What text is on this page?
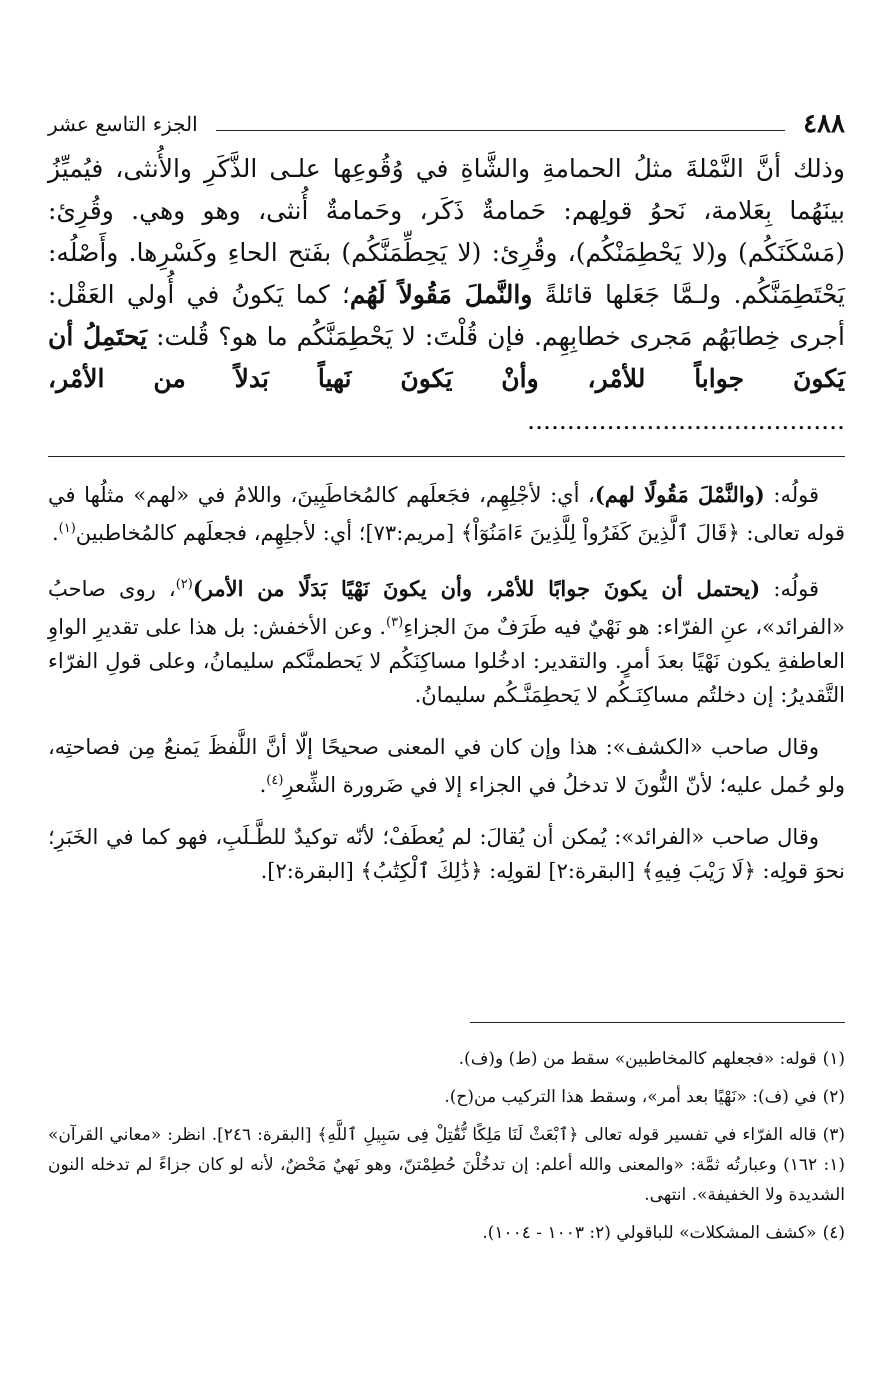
٤٨٨
الجزء التاسع عشر
وذلك أنَّ النَّمْلةَ مثلُ الحمامةِ والشَّاةِ في وُقُوعِها علـى الذَّكَرِ والأُنثى، فيُميِّزُ بينَهُما بِعَلامة، نَحوُ قولِهم: حَمامةٌ ذَكَر، وحَمامةٌ أُنثى، وهو وهي. وقُرِئ: (مَسْكَنَكُم) و(لا يَحْطِمَنْكُم)، وقُرِئ: (لا يَحِطِّمَنَّكُم) بفَتح الحاءِ وكَسْرِها. وأَصْلُه: يَحْتَطِمَنَّكُم. ولـمَّا جَعَلها قائلةً والنَّملَ مَقُولاً لَهُم؛ كما يَكونُ في أُولي العَقْل: أجرى خِطابَهُم مَجرى خطابِهِم. فإن قُلْتَ: لا يَحْطِمَنَّكُم ما هو؟ قُلت: يَحتَمِلُ أن يَكونَ جواباً للأمْر، وأنْ يَكونَ نَهياً بَدلاً من الأمْر، ........................................

قولُه: (والنَّمْلَ مَقُولًا لهم)، أي: لأجْلِهِم، فجَعلَهم كالمُخاطَبِينَ، واللامُ في «لهم» مثلُها في قوله تعالى: ﴿قَالَ ٱلَّذِينَ كَفَرُواْ لِلَّذِينَ ءَامَنُوٓاْ﴾ [مريم:٧٣]؛ أي: لأجلِهِم، فجعلَهم كالمُخاطبين$^{(١)}$.

قولُه: (يحتمل أن يكونَ جوابًا للأمْر، وأن يكونَ نَهْيًا بَدَلًا من الأمر)$^{(٢)}$، روى صاحبُ «الفرائد»، عنِ الفرّاء: هو نَهْيٌ فيه طَرَفٌ منَ الجزاءِ$^{(٣)}$. وعن الأخفش: بل هذا على تقديرِ الواوِ العاطفةِ يكون نَهْيًا بعدَ أمرٍ. والتقدير: ادخُلوا مساكِنَكُم لا يَحطمنَّكم سليمانُ، وعلى قولِ الفرّاء التَّقديرُ: إن دخلتُم مساكِنَـكُم لا يَحطِمَنَّـكُم سليمانُ.

وقال صاحب «الكشف»: هذا وإن كان في المعنى صحيحًا إلّا أنَّ اللَّفظَ يَمنعُ مِن فصاحتِه، ولو حُمل عليه؛ لأنّ النُّونَ لا تدخلُ في الجزاء إلا في ضَرورة الشِّعرِ$^{(٤)}$.

وقال صاحب «الفرائد»: يُمكن أن يُقالَ: لم يُعطَفْ؛ لأنّه توكيدٌ للطَّـلَبِ، فهو كما في الخَبَرِ؛ نحوَ قولِه: ﴿لَا رَيْبَ فِيهِ﴾ [البقرة:٢] لقولِه: ﴿ذَٰلِكَ ٱلْكِتَٰبُ﴾ [البقرة:٢].

(١)قوله: «فجعلهم كالمخاطبين» سقط من (ط) و(ف).
(٢)في (ف): «نَهْيًا بعد أمر»، وسقط هذا التركيب من(ح).
(٣)قاله الفرّاء في تفسير قوله تعالى ﴿ٱبْعَثْ لَنَا مَلِكًا نُّقَٰتِلْ فِى سَبِيلِ ٱللَّهِ﴾ [البقرة: ٢٤٦]. انظر: «معاني القرآن» (١: ١٦٢) وعبارتُه ثمَّة: «والمعنى والله أعلم: إن تدخُلْنَ حُطِمْتنّ، وهو نَهيٌ مَحْضٌ، لأنه لو كان جزاءً لم تدخله النون الشديدة ولا الخفيفة». انتهى.
(٤)«كشف المشكلات» للباقولي (٢: ١٠٠٣ - ١٠٠٤).
